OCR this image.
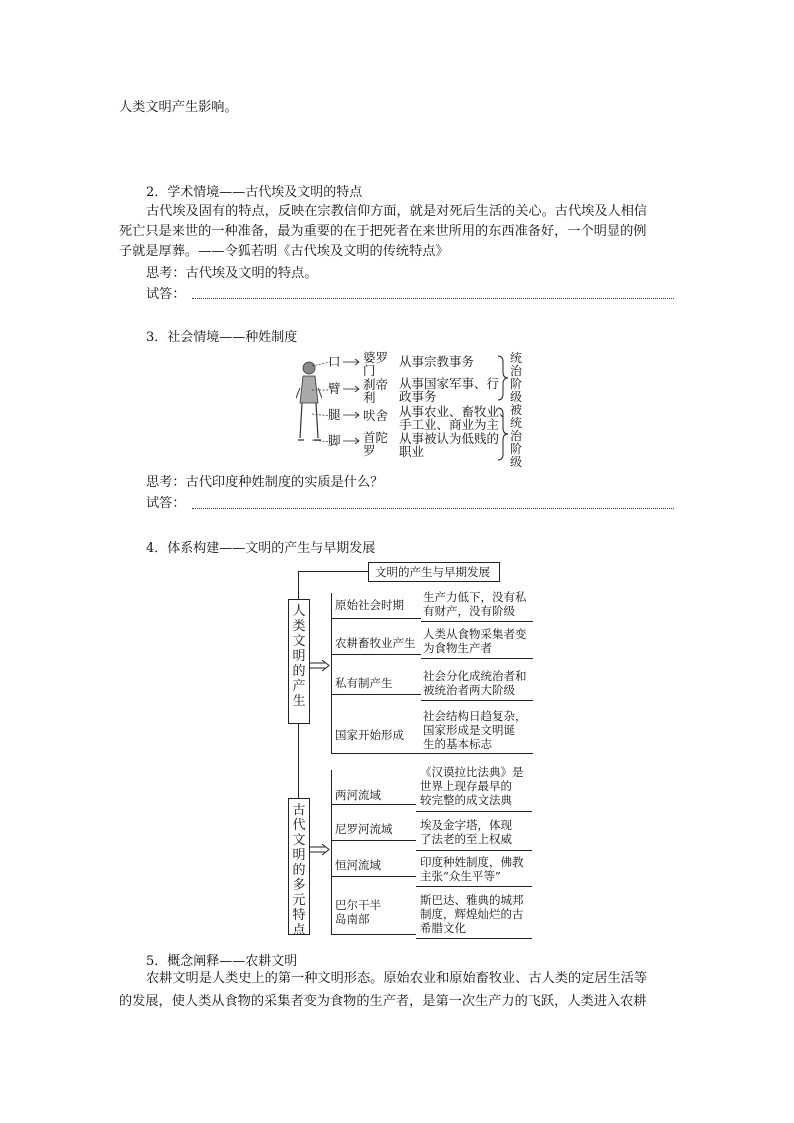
人类文明产生影响。
2．学术情境——古代埃及文明的特点
古代埃及固有的特点，反映在宗教信仰方面，就是对死后生活的关心。古代埃及人相信
死亡只是来世的一种准备，最为重要的在于把死者在来世所用的东西准备好，一个明显的例
子就是厚葬。——令狐若明《古代埃及文明的传统特点》
思考：古代埃及文明的特点。
试答：
3．社会情境——种姓制度
口
臂
腿
脚
婆罗
门
刹帝
利
吠舍
首陀
罗
从事宗教事务
从事国家军事、行
政事务
从事农业、畜牧业、
手工业、商业为主
从事被认为低贱的
职业
统治阶级
被统治阶级
思考：古代印度种姓制度的实质是什么？
试答：
4．体系构建——文明的产生与早期发展
文明的产生与早期发展
人类文明的产生
原始社会时期
生产力低下，没有私
有财产，没有阶级
农耕畜牧业产生
人类从食物采集者变
为食物生产者
私有制产生	社会分化成统治者和
被统治者两大阶级
国家开始形成
社会结构日趋复杂，
国家形成是文明诞
生的基本标志
古代文明的多元特点
两河流域
《汉谟拉比法典》是
世界上现存最早的
较完整的成文法典
尼罗河流域 埃及金字塔，体现
了法老的至上权威
恒河流域	印度种姓制度，佛教
主张“众生平等”
巴尔干半
岛南部
斯巴达、雅典的城邦
制度，辉煌灿烂的古
希腊文化
5．概念阐释——农耕文明
农耕文明是人类史上的第一种文明形态。原始农业和原始畜牧业、古人类的定居生活等
的发展，使人类从食物的采集者变为食物的生产者，是第一次生产力的飞跃，人类进入农耕
